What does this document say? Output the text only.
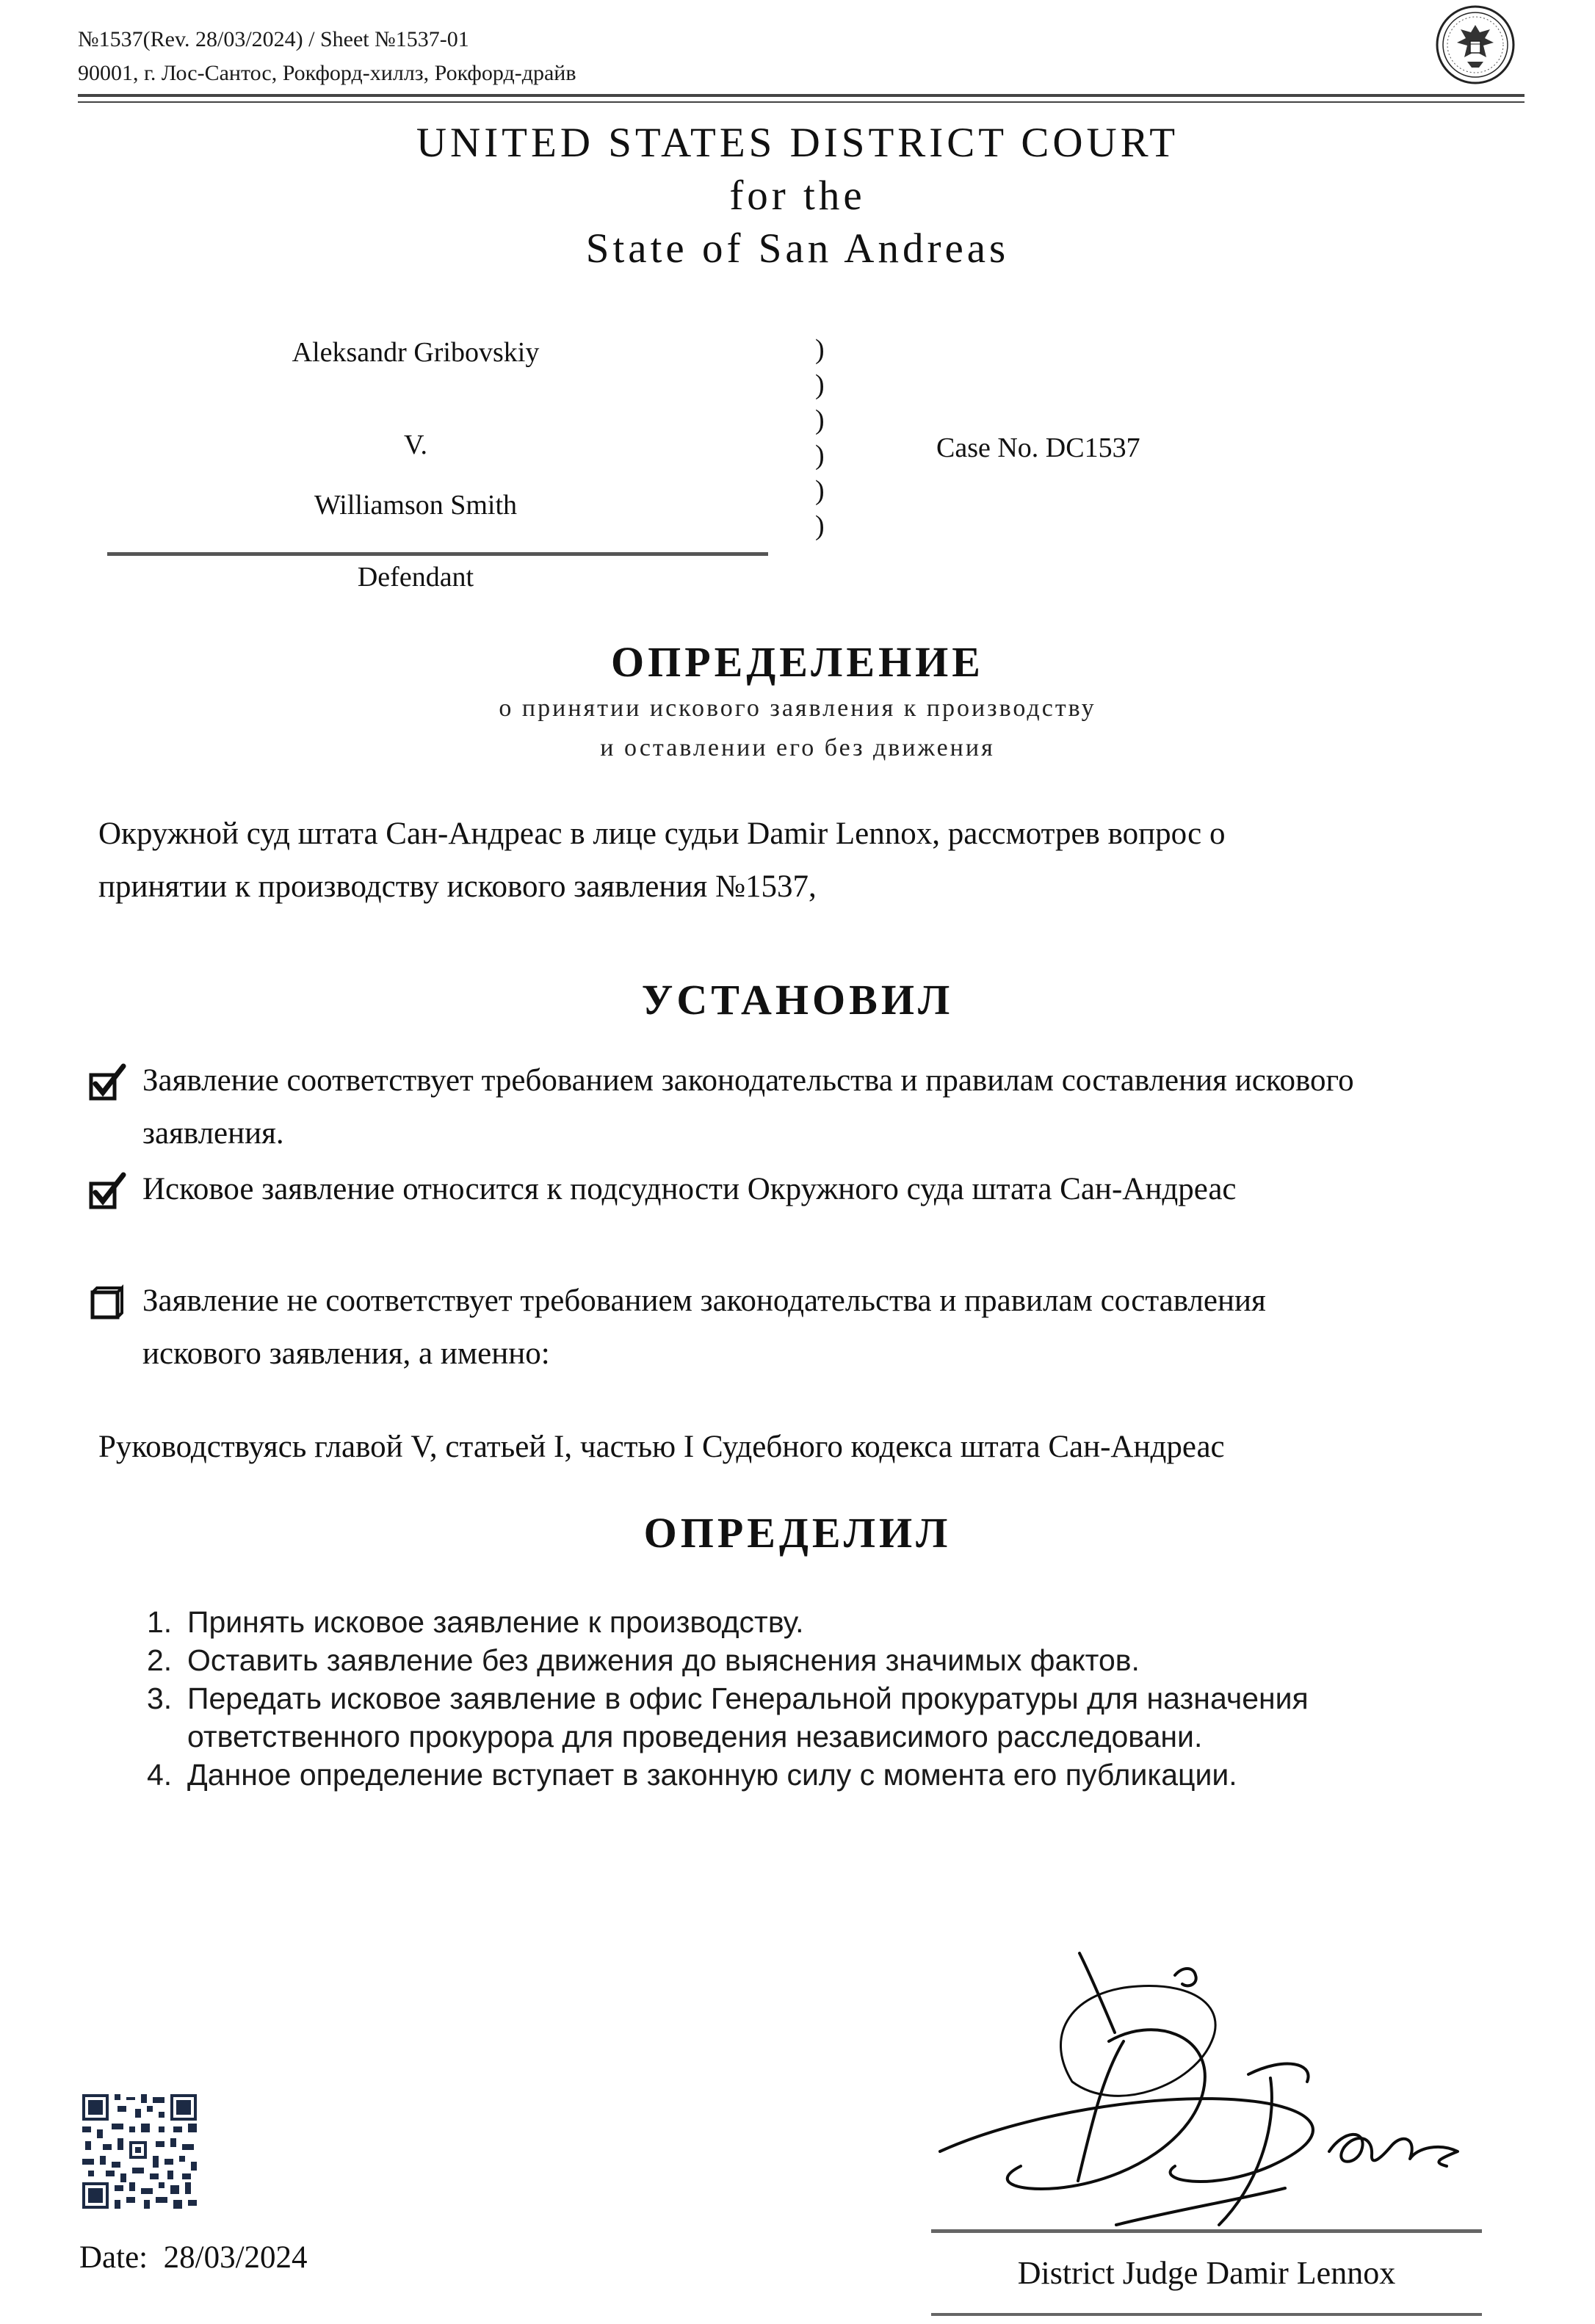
№1537(Rev. 28/03/2024) / Sheet №1537-01
90001, г. Лос-Сантос, Рокфорд-хиллз, Рокфорд-драйв
UNITED STATES DISTRICT COURT
for the
State of San Andreas
Aleksandr Gribovskiy
V.
Williamson Smith
Defendant
)
)
)
)
)
)
Case No. DC1537
ОПРЕДЕЛЕНИЕ
о принятии искового заявления к производству
и оставлении его без движения
Окружной суд штата Сан-Андреас в лице судьи Damir Lennox, рассмотрев вопрос о
принятии к производству искового заявления №1537,
УСТАНОВИЛ
Заявление соответствует требованием законодательства и правилам составления искового
заявления.
Исковое заявление относится к подсудности Окружного суда штата Сан-Андреас
Заявление не соответствует требованием законодательства и правилам составления
искового заявления, а именно:
Руководствуясь главой V, статьей I, частью I Судебного кодекса штата Сан-Андреас
ОПРЕДЕЛИЛ
1. Принять исковое заявление к производству.
2. Оставить заявление без движения до выяснения значимых фактов.
3. Передать исковое заявление в офис Генеральной прокуратуры для назначения
ответственного прокурора для проведения независимого расследовани.
4. Данное определение вступает в законную силу с момента его публикации.
Date: 28/03/2024	District Judge Damir Lennox
